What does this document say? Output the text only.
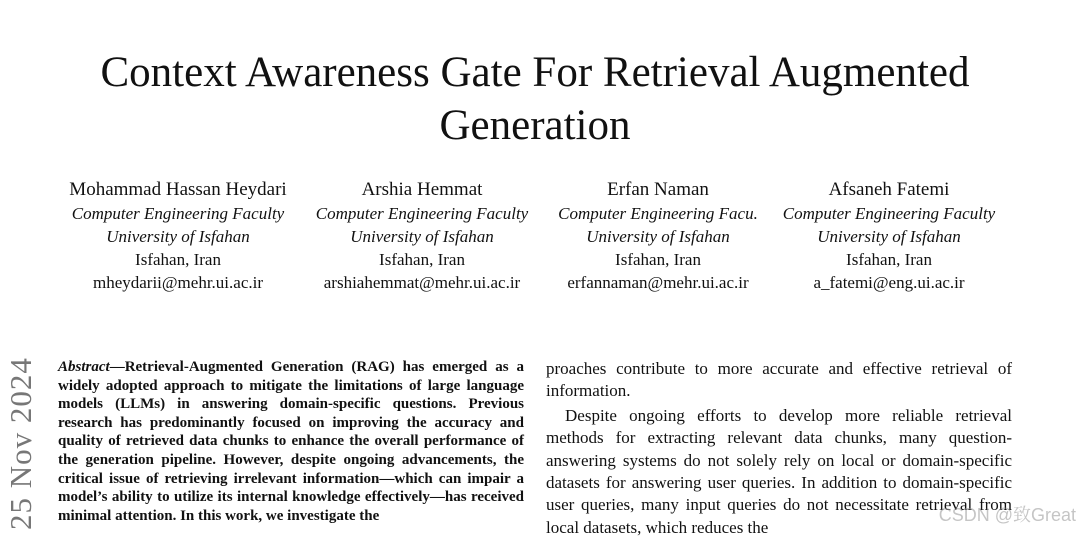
Context Awareness Gate For Retrieval Augmented Generation
Mohammad Hassan Heydari
Computer Engineering Faculty
University of Isfahan
Isfahan, Iran
mheydarii@mehr.ui.ac.ir
Arshia Hemmat
Computer Engineering Faculty
University of Isfahan
Isfahan, Iran
arshiahemmat@mehr.ui.ac.ir
Erfan Naman
Computer Engineering Facu.
University of Isfahan
Isfahan, Iran
erfannaman@mehr.ui.ac.ir
Afsaneh Fatemi
Computer Engineering Faculty
University of Isfahan
Isfahan, Iran
a_fatemi@eng.ui.ac.ir
25 Nov 2024 Abstract—Retrieval-Augmented Generation (RAG) has emerged as a widely adopted approach to mitigate the limitations of large language models (LLMs) in answering domain-specific questions. Previous research has predominantly focused on improving the accuracy and quality of retrieved data chunks to enhance the overall performance of the generation pipeline. However, despite ongoing advancements, the critical issue of retrieving irrelevant information—which can impair a model’s ability to utilize its internal knowledge effectively—has received minimal attention. In this work, we investigate the

proaches contribute to more accurate and effective retrieval of information.

Despite ongoing efforts to develop more reliable retrieval methods for extracting relevant data chunks, many question-answering systems do not solely rely on local or domain-specific datasets for answering user queries. In addition to domain-specific user queries, many input queries do not necessitate retrieval from local datasets, which reduces the

CSDN @致Great
